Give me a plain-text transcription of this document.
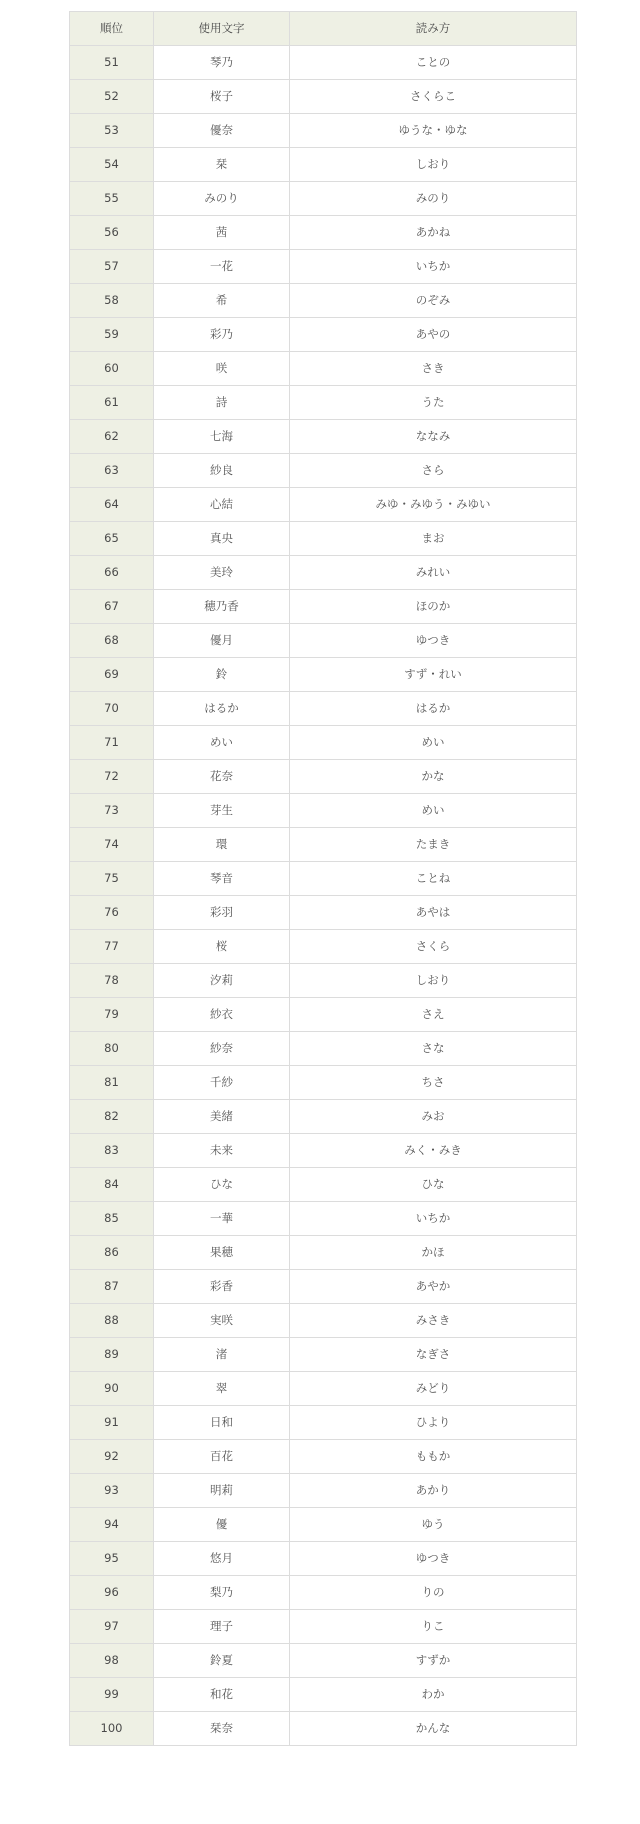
順位	使用文字	読み方
51	琴乃	ことの
52	桜子	さくらこ
53	優奈	ゆうな・ゆな
54	栞	しおり
55	みのり	みのり
56	茜	あかね
57	一花	いちか
58	希	のぞみ
59	彩乃	あやの
60	咲	さき
61	詩	うた
62	七海	ななみ
63	紗良	さら
64	心結	みゆ・みゆう・みゆい
65	真央	まお
66	美玲	みれい
67	穂乃香	ほのか
68	優月	ゆつき
69	鈴	すず・れい
70	はるか	はるか
71	めい	めい
72	花奈	かな
73	芽生	めい
74	環	たまき
75	琴音	ことね
76	彩羽	あやは
77	桜	さくら
78	汐莉	しおり
79	紗衣	さえ
80	紗奈	さな
81	千紗	ちさ
82	美緒	みお
83	未来	みく・みき
84	ひな	ひな
85	一華	いちか
86	果穂	かほ
87	彩香	あやか
88	実咲	みさき
89	渚	なぎさ
90	翠	みどり
91	日和	ひより
92	百花	ももか
93	明莉	あかり
94	優	ゆう
95	悠月	ゆつき
96	梨乃	りの
97	理子	りこ
98	鈴夏	すずか
99	和花	わか
100	栞奈	かんな
